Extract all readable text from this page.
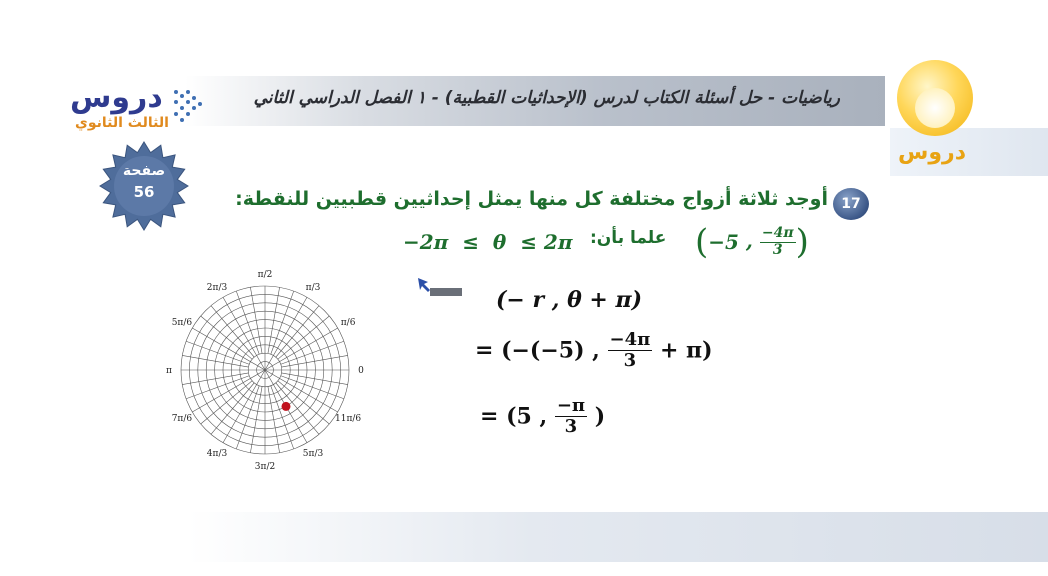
رياضيات - حل أسئلة الكتاب لدرس (الإحداثيات القطبية) - ١ الفصل الدراسي الثاني
دروس
الثالث الثانوي
دروس
صفحة
56
17
أوجد ثلاثة أزواج مختلفة كل منها يمثل إحداثيين قطبيين للنقطة:
−2π  ≤  θ  ≤ 2π	(−5 , $\frac{-4\pi}{3}$ )
علما بأن:
0
π/6
π/3
π/2
2π/3
5π/6
π
7π/6
4π/3
3π/2
5π/3
11π/6
(− r , θ + π)
= (−(−5) , $\frac{-4\pi}{3} + \pi$)
= (5 , $\frac{-\pi}{3}$ )
